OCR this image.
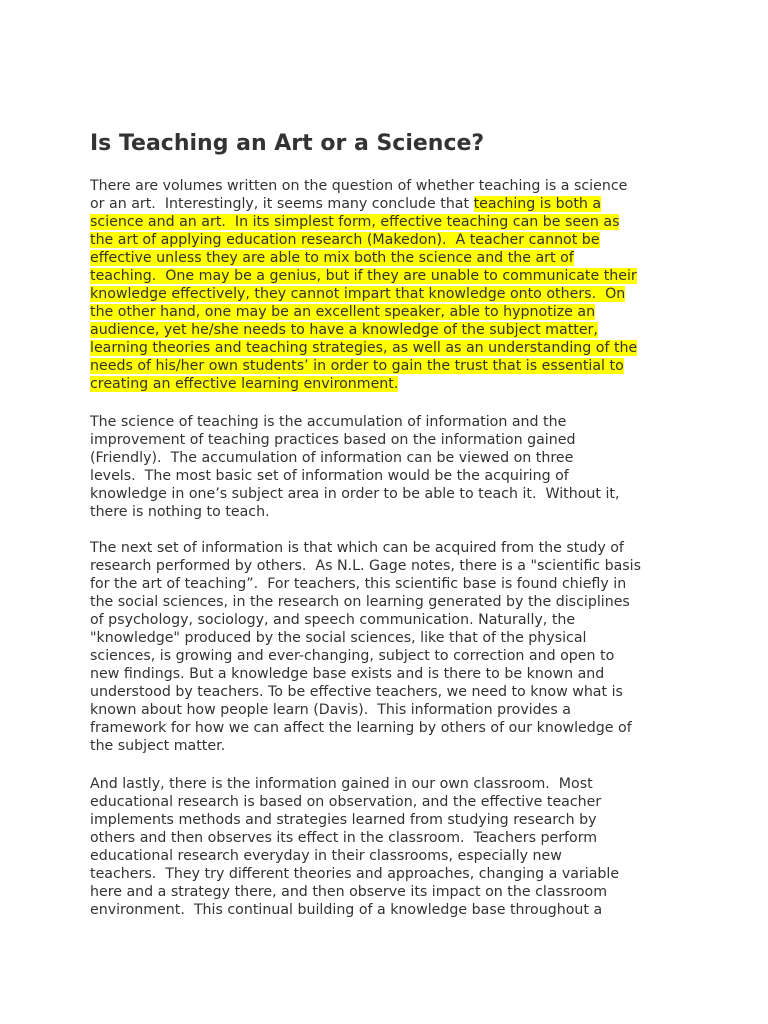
Is Teaching an Art or a Science?
There are volumes written on the question of whether teaching is a science
or an art.  Interestingly, it seems many conclude that teaching is both a
science and an art.  In its simplest form, effective teaching can be seen as
the art of applying education research (Makedon).  A teacher cannot be
effective unless they are able to mix both the science and the art of
teaching.  One may be a genius, but if they are unable to communicate their
knowledge effectively, they cannot impart that knowledge onto others.  On
the other hand, one may be an excellent speaker, able to hypnotize an
audience, yet he/she needs to have a knowledge of the subject matter,
learning theories and teaching strategies, as well as an understanding of the
needs of his/her own students’ in order to gain the trust that is essential to
creating an effective learning environment.
The science of teaching is the accumulation of information and the
improvement of teaching practices based on the information gained
(Friendly).  The accumulation of information can be viewed on three
levels.  The most basic set of information would be the acquiring of
knowledge in one’s subject area in order to be able to teach it.  Without it,
there is nothing to teach.
The next set of information is that which can be acquired from the study of
research performed by others.  As N.L. Gage notes, there is a "scientific basis
for the art of teaching”.  For teachers, this scientific base is found chiefly in
the social sciences, in the research on learning generated by the disciplines
of psychology, sociology, and speech communication. Naturally, the
"knowledge" produced by the social sciences, like that of the physical
sciences, is growing and ever-changing, subject to correction and open to
new findings. But a knowledge base exists and is there to be known and
understood by teachers. To be effective teachers, we need to know what is
known about how people learn (Davis).  This information provides a
framework for how we can affect the learning by others of our knowledge of
the subject matter.
And lastly, there is the information gained in our own classroom.  Most
educational research is based on observation, and the effective teacher
implements methods and strategies learned from studying research by
others and then observes its effect in the classroom.  Teachers perform
educational research everyday in their classrooms, especially new
teachers.  They try different theories and approaches, changing a variable
here and a strategy there, and then observe its impact on the classroom
environment.  This continual building of a knowledge base throughout a
